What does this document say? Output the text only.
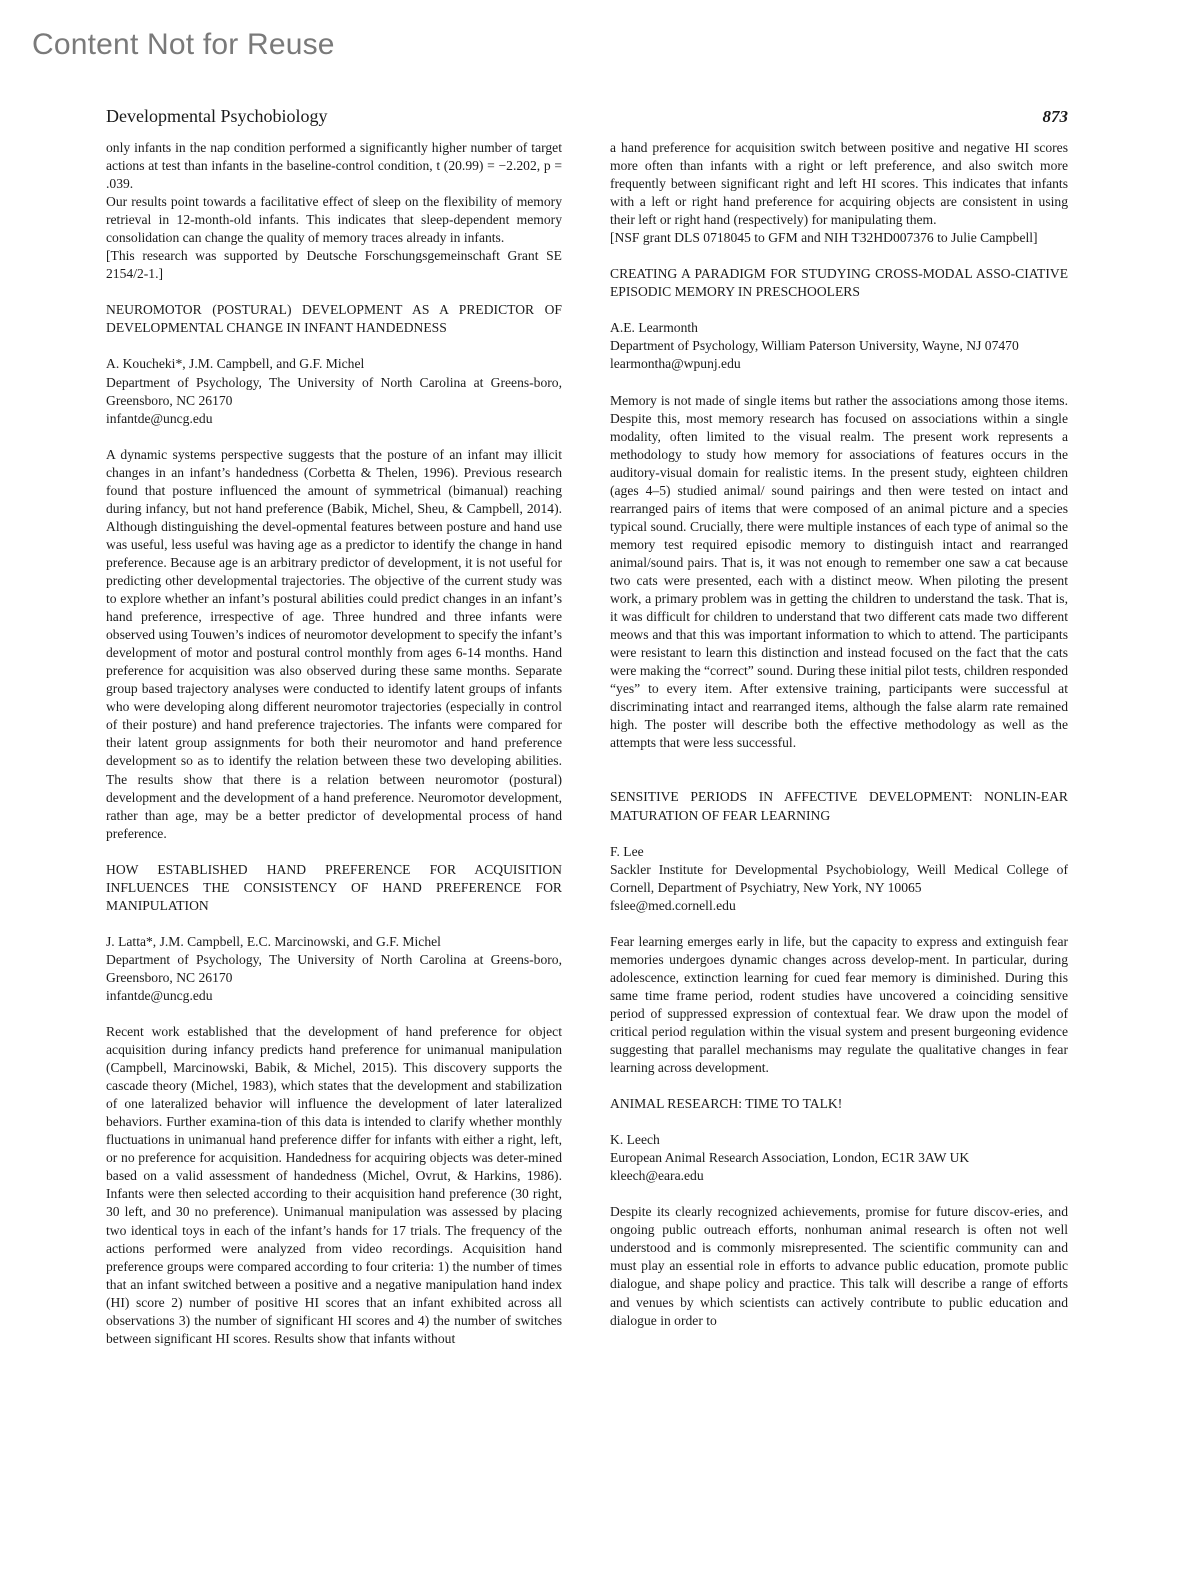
Content Not for Reuse
Developmental Psychobiology	873

only infants in the nap condition performed a significantly higher number of target actions at test than infants in the baseline-control condition, t (20.99) = −2.202, p = .039.

Our results point towards a facilitative effect of sleep on the flexibility of memory retrieval in 12-month-old infants. This indicates that sleep-dependent memory consolidation can change the quality of memory traces already in infants.

[This research was supported by Deutsche Forschungsgemeinschaft Grant SE 2154/2-1.]

NEUROMOTOR (POSTURAL) DEVELOPMENT AS A PREDICTOR OF DEVELOPMENTAL CHANGE IN INFANT HANDEDNESS

A. Koucheki*, J.M. Campbell, and G.F. Michel

Department of Psychology, The University of North Carolina at Greens-boro, Greensboro, NC 26170

infantde@uncg.edu

A dynamic systems perspective suggests that the posture of an infant may illicit changes in an infant’s handedness (Corbetta & Thelen, 1996). Previous research found that posture influenced the amount of symmetrical (bimanual) reaching during infancy, but not hand preference (Babik, Michel, Sheu, & Campbell, 2014). Although distinguishing the devel-opmental features between posture and hand use was useful, less useful was having age as a predictor to identify the change in hand preference. Because age is an arbitrary predictor of development, it is not useful for predicting other developmental trajectories. The objective of the current study was to explore whether an infant’s postural abilities could predict changes in an infant’s hand preference, irrespective of age. Three hundred and three infants were observed using Touwen’s indices of neuromotor development to specify the infant’s development of motor and postural control monthly from ages 6-14 months. Hand preference for acquisition was also observed during these same months. Separate group based trajectory analyses were conducted to identify latent groups of infants who were developing along different neuromotor trajectories (especially in control of their posture) and hand preference trajectories. The infants were compared for their latent group assignments for both their neuromotor and hand preference development so as to identify the relation between these two developing abilities. The results show that there is a relation between neuromotor (postural) development and the development of a hand preference. Neuromotor development, rather than age, may be a better predictor of developmental process of hand preference.

HOW ESTABLISHED HAND PREFERENCE FOR ACQUISITION INFLUENCES THE CONSISTENCY OF HAND PREFERENCE FOR MANIPULATION

J. Latta*, J.M. Campbell, E.C. Marcinowski, and G.F. Michel

Department of Psychology, The University of North Carolina at Greens-boro, Greensboro, NC 26170

infantde@uncg.edu

Recent work established that the development of hand preference for object acquisition during infancy predicts hand preference for unimanual manipulation (Campbell, Marcinowski, Babik, & Michel, 2015). This discovery supports the cascade theory (Michel, 1983), which states that the development and stabilization of one lateralized behavior will influence the development of later lateralized behaviors. Further examina-tion of this data is intended to clarify whether monthly fluctuations in unimanual hand preference differ for infants with either a right, left, or no preference for acquisition. Handedness for acquiring objects was deter-mined based on a valid assessment of handedness (Michel, Ovrut, & Harkins, 1986). Infants were then selected according to their acquisition hand preference (30 right, 30 left, and 30 no preference). Unimanual manipulation was assessed by placing two identical toys in each of the infant’s hands for 17 trials. The frequency of the actions performed were analyzed from video recordings. Acquisition hand preference groups were compared according to four criteria: 1) the number of times that an infant switched between a positive and a negative manipulation hand index (HI) score 2) number of positive HI scores that an infant exhibited across all observations 3) the number of significant HI scores and 4) the number of switches between significant HI scores. Results show that infants without

a hand preference for acquisition switch between positive and negative HI scores more often than infants with a right or left preference, and also switch more frequently between significant right and left HI scores. This indicates that infants with a left or right hand preference for acquiring objects are consistent in using their left or right hand (respectively) for manipulating them.

[NSF grant DLS 0718045 to GFM and NIH T32HD007376 to Julie Campbell]

CREATING A PARADIGM FOR STUDYING CROSS-MODAL ASSO-CIATIVE EPISODIC MEMORY IN PRESCHOOLERS

A.E. Learmonth

Department of Psychology, William Paterson University, Wayne, NJ 07470

learmontha@wpunj.edu

Memory is not made of single items but rather the associations among those items. Despite this, most memory research has focused on associations within a single modality, often limited to the visual realm. The present work represents a methodology to study how memory for associations of features occurs in the auditory-visual domain for realistic items. In the present study, eighteen children (ages 4–5) studied animal/ sound pairings and then were tested on intact and rearranged pairs of items that were composed of an animal picture and a species typical sound. Crucially, there were multiple instances of each type of animal so the memory test required episodic memory to distinguish intact and rearranged animal/sound pairs. That is, it was not enough to remember one saw a cat because two cats were presented, each with a distinct meow. When piloting the present work, a primary problem was in getting the children to understand the task. That is, it was difficult for children to understand that two different cats made two different meows and that this was important information to which to attend. The participants were resistant to learn this distinction and instead focused on the fact that the cats were making the “correct” sound. During these initial pilot tests, children responded “yes” to every item. After extensive training, participants were successful at discriminating intact and rearranged items, although the false alarm rate remained high. The poster will describe both the effective methodology as well as the attempts that were less successful.

SENSITIVE PERIODS IN AFFECTIVE DEVELOPMENT: NONLIN-EAR MATURATION OF FEAR LEARNING

F. Lee

Sackler Institute for Developmental Psychobiology, Weill Medical College of Cornell, Department of Psychiatry, New York, NY 10065

fslee@med.cornell.edu

Fear learning emerges early in life, but the capacity to express and extinguish fear memories undergoes dynamic changes across develop-ment. In particular, during adolescence, extinction learning for cued fear memory is diminished. During this same time frame period, rodent studies have uncovered a coinciding sensitive period of suppressed expression of contextual fear. We draw upon the model of critical period regulation within the visual system and present burgeoning evidence suggesting that parallel mechanisms may regulate the qualitative changes in fear learning across development.

ANIMAL RESEARCH: TIME TO TALK!

K. Leech

European Animal Research Association, London, EC1R 3AW UK

kleech@eara.edu

Despite its clearly recognized achievements, promise for future discov-eries, and ongoing public outreach efforts, nonhuman animal research is often not well understood and is commonly misrepresented. The scientific community can and must play an essential role in efforts to advance public education, promote public dialogue, and shape policy and practice. This talk will describe a range of efforts and venues by which scientists can actively contribute to public education and dialogue in order to
